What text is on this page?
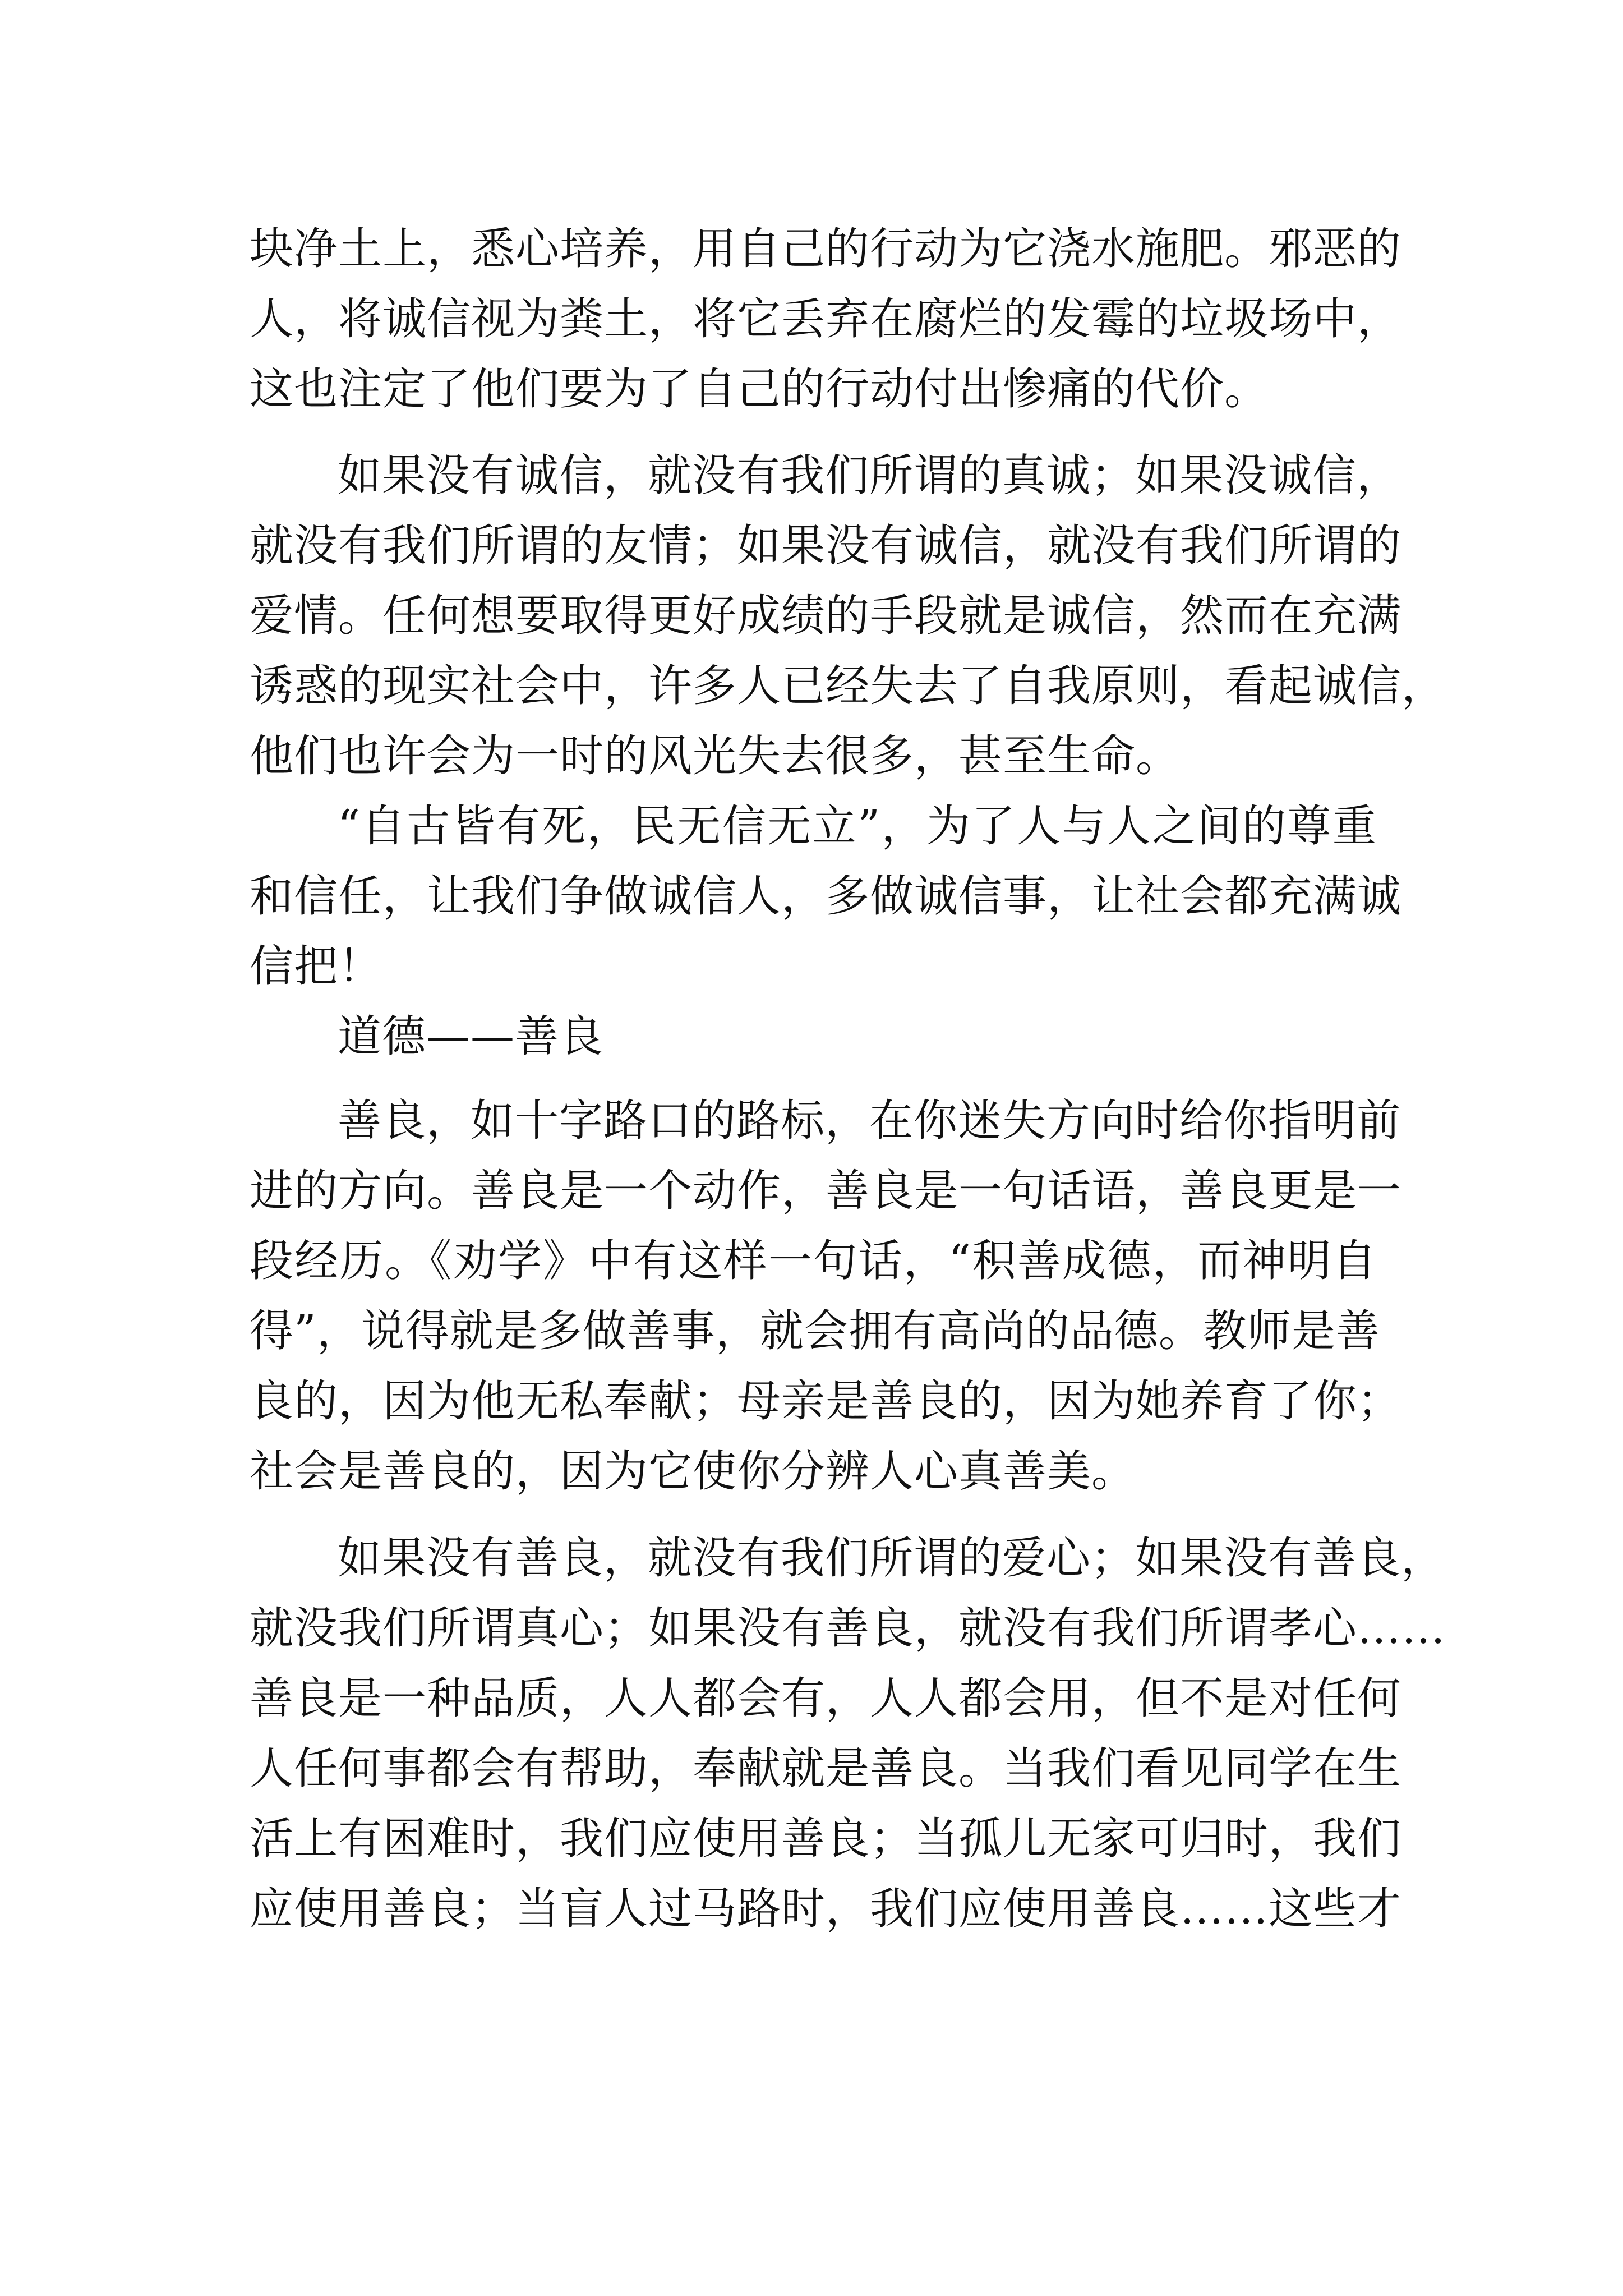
块净土上，悉心培养，用自己的行动为它浇水施肥。邪恶的
人，将诚信视为粪土，将它丢弃在腐烂的发霉的垃圾场中，
这也注定了他们要为了自己的行动付出惨痛的代价。
如果没有诚信，就没有我们所谓的真诚；如果没诚信，
就没有我们所谓的友情；如果没有诚信，就没有我们所谓的
爱情。任何想要取得更好成绩的手段就是诚信，然而在充满
诱惑的现实社会中，许多人已经失去了自我原则，看起诚信，
他们也许会为一时的风光失去很多，甚至生命。
“自古皆有死，民无信无立”，为了人与人之间的尊重
和信任，让我们争做诚信人，多做诚信事，让社会都充满诚
信把！
道德——善良
善良，如十字路口的路标，在你迷失方向时给你指明前
进的方向。善良是一个动作，善良是一句话语，善良更是一
段经历。《劝学》中有这样一句话，“积善成德，而神明自
得”，说得就是多做善事，就会拥有高尚的品德。教师是善
良的，因为他无私奉献；母亲是善良的，因为她养育了你；
社会是善良的，因为它使你分辨人心真善美。
如果没有善良，就没有我们所谓的爱心；如果没有善良，
就没我们所谓真心；如果没有善良，就没有我们所谓孝心……
善良是一种品质，人人都会有，人人都会用，但不是对任何
人任何事都会有帮助，奉献就是善良。当我们看见同学在生
活上有困难时，我们应使用善良；当孤儿无家可归时，我们
应使用善良；当盲人过马路时，我们应使用善良……这些才
